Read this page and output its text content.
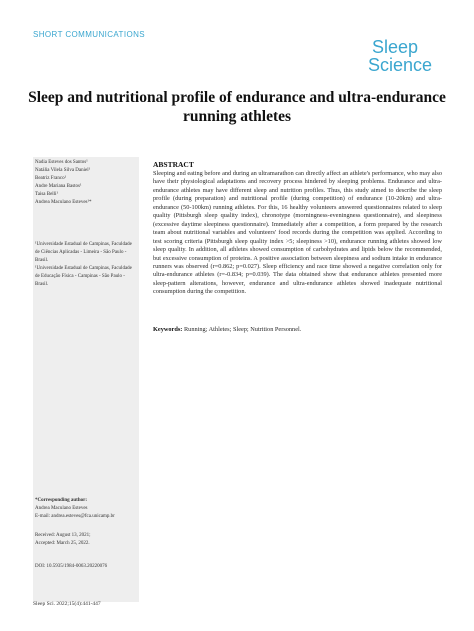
SHORT COMMUNICATIONS
Sleep
Science
Sleep and nutritional profile of endurance and ultra-endurance
running athletes
Nadia Esteves dos Santos¹
Natália Vilela Silva Daniel¹
Beatriz Franco¹
Andre Mariana Bastos¹
Taisa Belli¹
Andrea Maculano Esteves¹*
¹Universidade Estadual de Campinas, Faculdade de Ciências Aplicadas - Limeira - São Paulo - Brasil.
¹Universidade Estadual de Campinas, Faculdade de Educação Física - Campinas - São Paulo - Brasil.
*Corresponding author:
Andrea Maculano Esteves
E-mail: andrea.esteves@fca.unicamp.br
Received: August 13, 2021;
Accepted: March 25, 2022.
DOI: 10.5935/1984-0063.20220076
ABSTRACT

Sleeping and eating before and during an ultramarathon can directly affect an athlete's performance, who may also have their physiological adaptations and recovery process hindered by sleeping problems. Endurance and ultra-endurance athletes may have different sleep and nutrition profiles. Thus, this study aimed to describe the sleep profile (during preparation) and nutritional profile (during competition) of endurance (10-20km) and ultra-endurance (50-100km) running athletes. For this, 16 healthy volunteers answered questionnaires related to sleep quality (Pittsburgh sleep quality index), chronotype (morningness-eveningness questionnaire), and sleepiness (excessive daytime sleepiness questionnaire). Immediately after a competition, a form prepared by the research team about nutritional variables and volunteers' food records during the competition was applied. According to test scoring criteria (Pittsburgh sleep quality index >5; sleepiness >10), endurance running athletes showed low sleep quality. In addition, all athletes showed consumption of carbohydrates and lipids below the recommended, but excessive consumption of proteins. A positive association between sleepiness and sodium intake in endurance runners was observed (r=0.862; p=0.027). Sleep efficiency and race time showed a negative correlation only for ultra-endurance athletes (r=-0.834; p=0.039). The data obtained show that endurance athletes presented more sleep-pattern alterations, however, endurance and ultra-endurance athletes showed inadequate nutritional consumption during the competition.

Keywords: Running; Athletes; Sleep; Nutrition Personnel.
Sleep Sci. 2022;15(4):441-447
